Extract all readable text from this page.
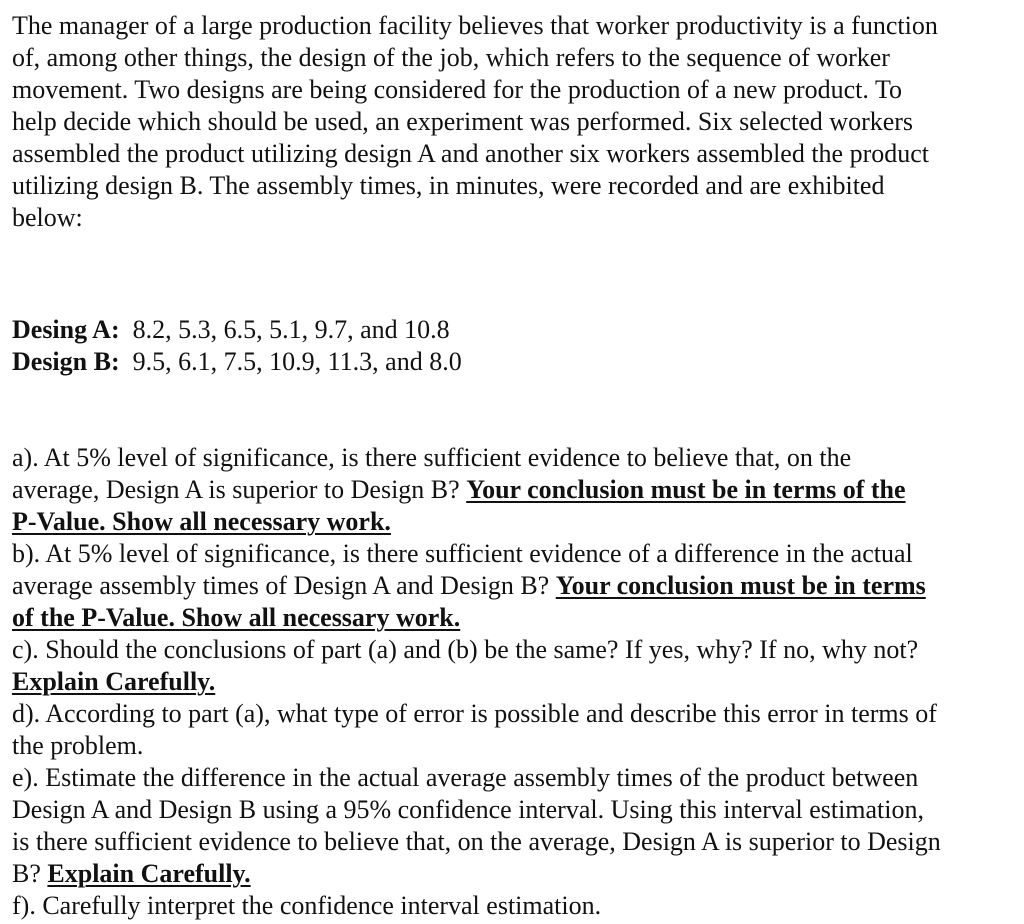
The manager of a large production facility believes that worker productivity is a function
of, among other things, the design of the job, which refers to the sequence of worker
movement. Two designs are being considered for the production of a new product. To
help decide which should be used, an experiment was performed. Six selected workers
assembled the product utilizing design A and another six workers assembled the product
utilizing design B. The assembly times, in minutes, were recorded and are exhibited
below:

Desing A: 8.2, 5.3, 6.5, 5.1, 9.7, and 10.8

Design B: 9.5, 6.1, 7.5, 10.9, 11.3, and 8.0

a). At 5% level of significance, is there sufficient evidence to believe that, on the
average, Design A is superior to Design B? Your conclusion must be in terms of the
P-Value. Show all necessary work.

b). At 5% level of significance, is there sufficient evidence of a difference in the actual
average assembly times of Design A and Design B? Your conclusion must be in terms
of the P-Value. Show all necessary work.

c). Should the conclusions of part (a) and (b) be the same? If yes, why? If no, why not?
Explain Carefully.

d). According to part (a), what type of error is possible and describe this error in terms of
the problem.

e). Estimate the difference in the actual average assembly times of the product between
Design A and Design B using a 95% confidence interval. Using this interval estimation,
is there sufficient evidence to believe that, on the average, Design A is superior to Design
B? Explain Carefully.

f). Carefully interpret the confidence interval estimation.
